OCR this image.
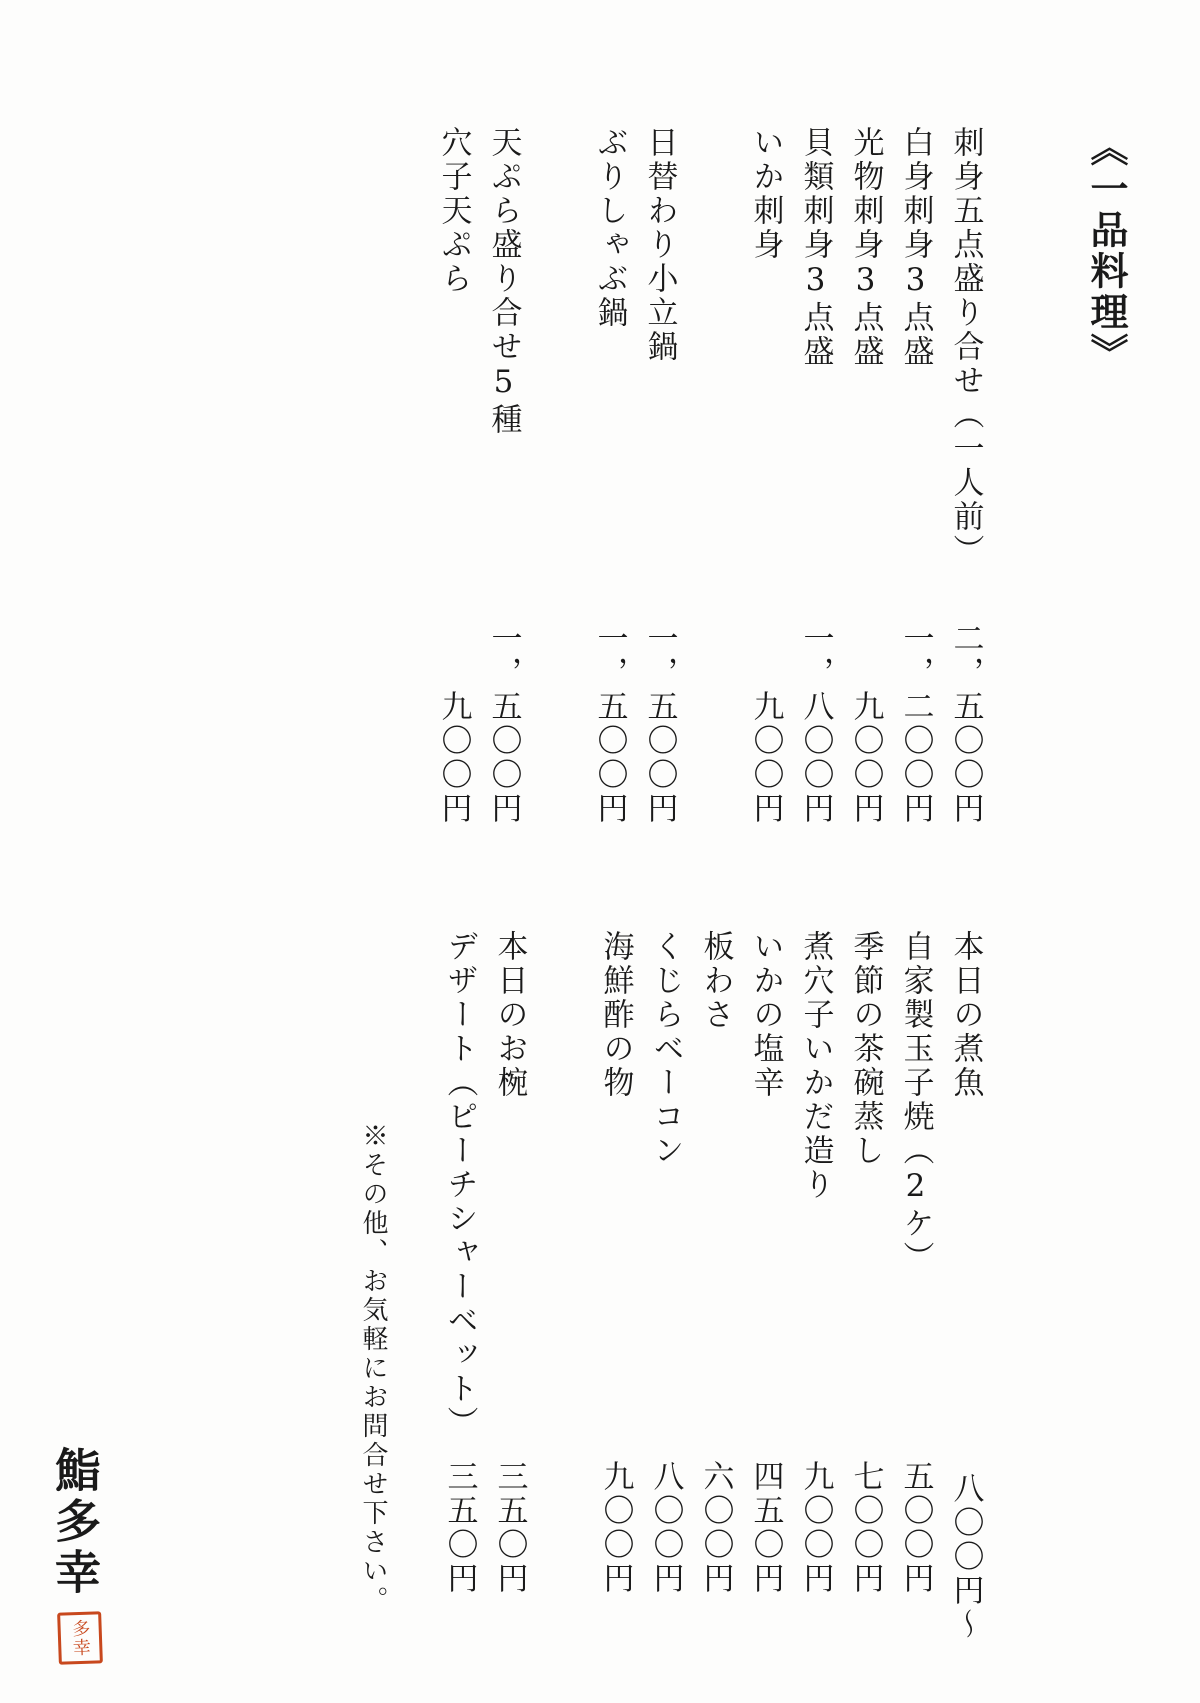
《一品料理》
刺身五点盛り合せ（一人前）
二，五〇〇円
白身刺身3点盛
一，二〇〇円
光物刺身3点盛
九〇〇円
貝類刺身3点盛
一，八〇〇円
いか刺身
九〇〇円
日替わり小立鍋
一，五〇〇円
ぶりしゃぶ鍋
一，五〇〇円
天ぷら盛り合せ5種
一，五〇〇円
穴子天ぷら
九〇〇円
本日の煮魚
八〇〇円〜
自家製玉子焼（2ケ）
五〇〇円
季節の茶碗蒸し
七〇〇円
煮穴子いかだ造り
九〇〇円
いかの塩辛
四五〇円
板わさ
六〇〇円
くじらベーコン
八〇〇円
海鮮酢の物
九〇〇円
本日のお椀
三五〇円
デザート（ピーチシャーベット）
三五〇円
※その他、お気軽にお問合せ下さい。
鮨多幸
多幸
